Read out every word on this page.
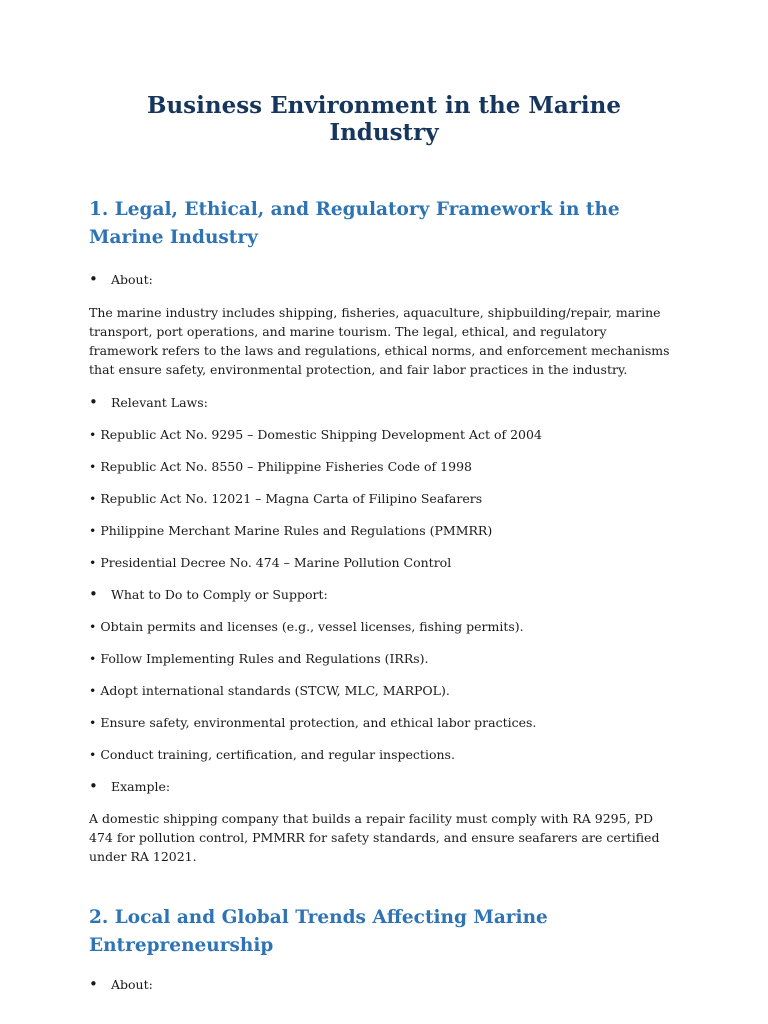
Business Environment in the Marine Industry
1. Legal, Ethical, and Regulatory Framework in the Marine Industry
• About:

The marine industry includes shipping, fisheries, aquaculture, shipbuilding/repair, marine transport, port operations, and marine tourism. The legal, ethical, and regulatory framework refers to the laws and regulations, ethical norms, and enforcement mechanisms that ensure safety, environmental protection, and fair labor practices in the industry.

• Relevant Laws:

• Republic Act No. 9295 – Domestic Shipping Development Act of 2004

• Republic Act No. 8550 – Philippine Fisheries Code of 1998

• Republic Act No. 12021 – Magna Carta of Filipino Seafarers

• Philippine Merchant Marine Rules and Regulations (PMMRR)

• Presidential Decree No. 474 – Marine Pollution Control

• What to Do to Comply or Support:

• Obtain permits and licenses (e.g., vessel licenses, fishing permits).

• Follow Implementing Rules and Regulations (IRRs).

• Adopt international standards (STCW, MLC, MARPOL).

• Ensure safety, environmental protection, and ethical labor practices.

• Conduct training, certification, and regular inspections.

• Example:

A domestic shipping company that builds a repair facility must comply with RA 9295, PD 474 for pollution control, PMMRR for safety standards, and ensure seafarers are certified under RA 12021.

2. Local and Global Trends Affecting Marine Entrepreneurship
• About:
